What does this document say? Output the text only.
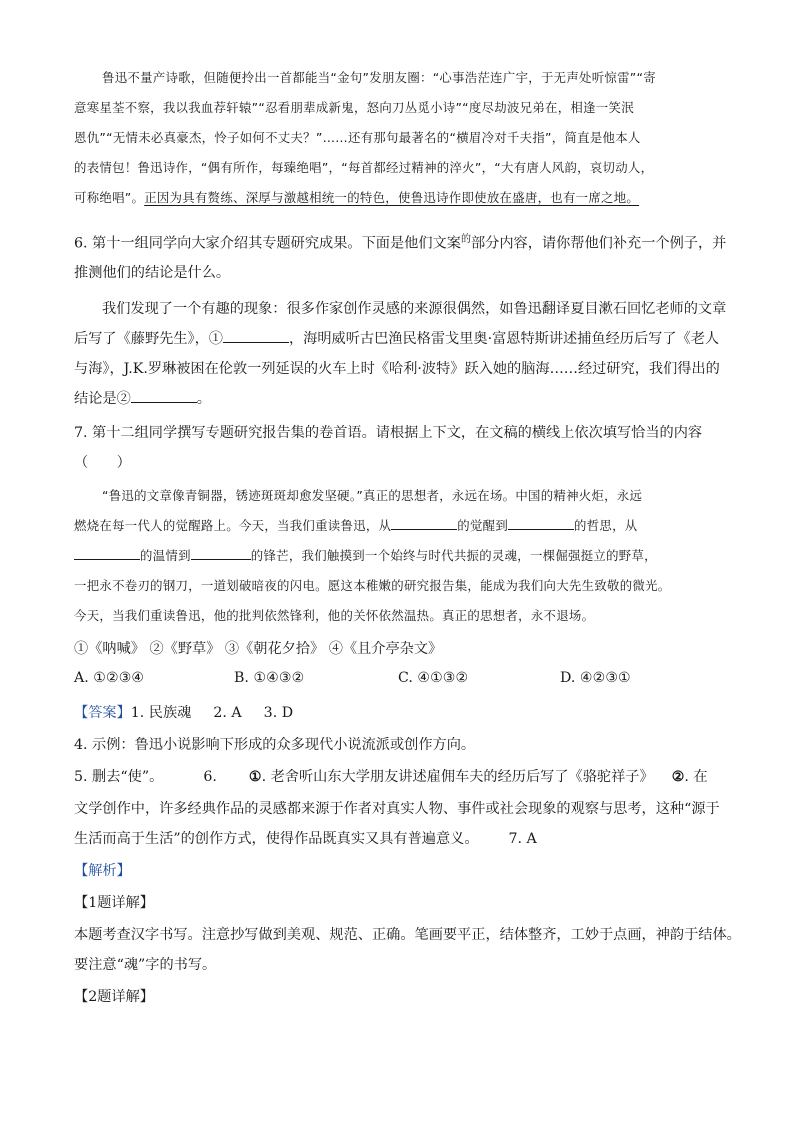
鲁迅不量产诗歌，但随便拎出一首都能当“金句”发朋友圈：“心事浩茫连广宇，于无声处听惊雷”“寄
意寒星荃不察，我以我血荐轩辕”“忍看朋辈成新鬼，怒向刀丛觅小诗”“度尽劫波兄弟在，相逢一笑泯
恩仇”“无情未必真豪杰，怜子如何不丈夫？”……还有那句最著名的“横眉冷对千夫指”，简直是他本人
的表情包！鲁迅诗作，“偶有所作，每臻绝唱”，“每首都经过精神的淬火”，“大有唐人风韵，哀切动人，
可称绝唱”。正因为具有赘练、深厚与激越相统一的特色，使鲁迅诗作即使放在盛唐，也有一席之地。
6. 第十一组同学向大家介绍其专题研究成果。下面是他们文案$^的$部分内容，请你帮他们补充一个例子，并
推测他们的结论是什么。
我们发现了一个有趣的现象：很多作家创作灵感的来源很偶然，如鲁迅翻译夏目漱石回忆老师的文章
后写了《藤野先生》，①	，海明威听古巴渔民格雷戈里奥·富恩特斯讲述捕鱼经历后写了《老人
与海》，J.K.罗琳被困在伦敦一列延误的火车上时《哈利·波特》跃入她的脑海……经过研究，我们得出的
结论是②	。
7. 第十二组同学撰写专题研究报告集的卷首语。请根据上下文，在文稿的横线上依次填写恰当的内容
（　　）
“鲁迅的文章像青铜器，锈迹斑斑却愈发坚硬。”真正的思想者，永远在场。中国的精神火炬，永远
燃烧在每一代人的觉醒路上。今天，当我们重读鲁迅，从	的觉醒到	的哲思，从
的温情到	的锋芒，我们触摸到一个始终与时代共振的灵魂，一棵倔强挺立的野草，
一把永不卷刃的钢刀，一道划破暗夜的闪电。愿这本稚嫩的研究报告集，能成为我们向大先生致敬的微光。
今天，当我们重读鲁迅，他的批判依然锋利，他的关怀依然温热。真正的思想者，永不退场。
①《呐喊》 ②《野草》 ③《朝花夕拾》 ④《且介亭杂文》
A. ①②③④	B. ①④③②	C. ④①③②	D. ④②③①
【答案】1. 民族魂 2. A 3. D
4. 示例：鲁迅小说影响下形成的众多现代小说流派或创作方向。
5. 删去“使”。	6. ①. 老舍听山东大学朋友讲述雇佣车夫的经历后写了《骆驼祥子》 ②. 在
文学创作中，许多经典作品的灵感都来源于作者对真实人物、事件或社会现象的观察与思考，这种“源于
生活而高于生活”的创作方式，使得作品既真实又具有普遍意义。 7. A
【解析】
【1题详解】
本题考查汉字书写。注意抄写做到美观、规范、正确。笔画要平正，结体整齐，工妙于点画，神韵于结体。
要注意“魂”字的书写。
【2题详解】
